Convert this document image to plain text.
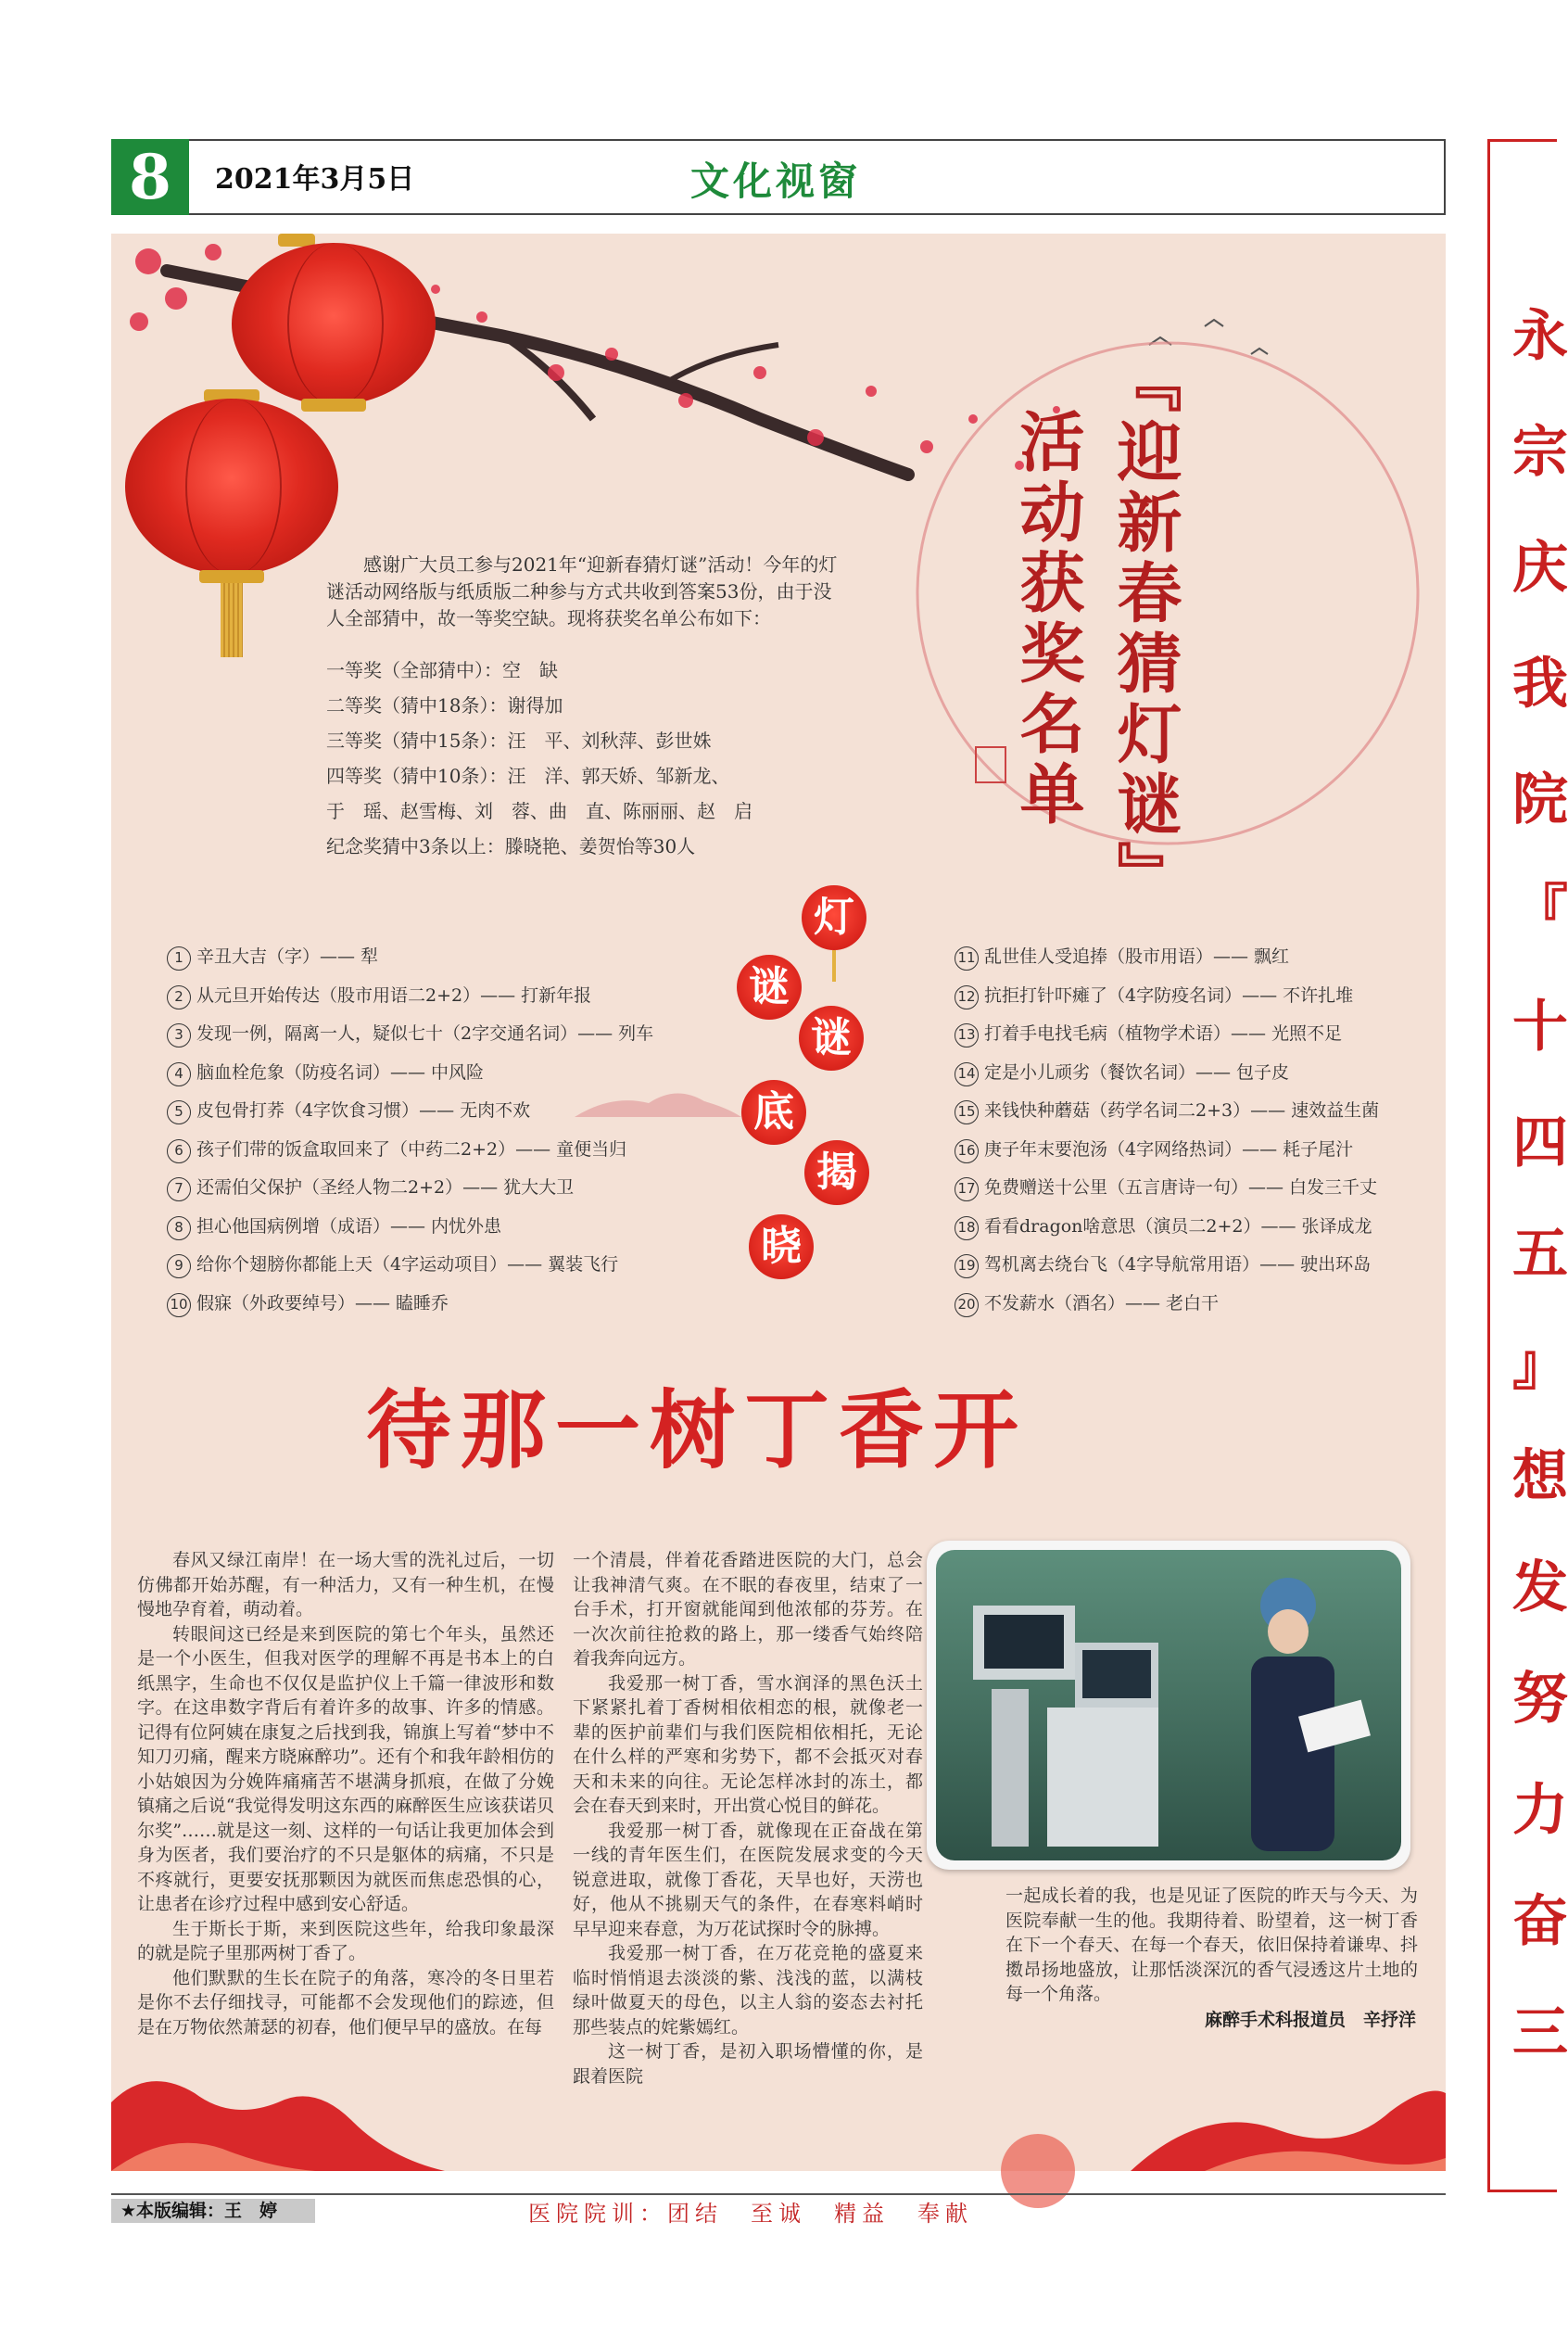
8	2021年3月5日	文化视窗
『迎新春猜灯谜』
活动获奖名单

感谢广大员工参与2021年“迎新春猜灯谜”活动！今年的灯谜活动网络版与纸质版二种参与方式共收到答案53份，由于没人全部猜中，故一等奖空缺。现将获奖名单公布如下：

一等奖（全部猜中）：空　缺
二等奖（猜中18条）：谢得加
三等奖（猜中15条）：汪　平、刘秋萍、彭世姝
四等奖（猜中10条）：汪　洋、郭天娇、邹新龙、
于　瑶、赵雪梅、刘　蓉、曲　直、陈丽丽、赵　启
纪念奖猜中3条以上：滕晓艳、姜贺怡等30人
1 辛丑大吉（字）—— 犁
2 从元旦开始传达（股市用语二2+2）—— 打新年报
3 发现一例，隔离一人，疑似七十（2字交通名词）—— 列车
4 脑血栓危象（防疫名词）—— 中风险
5 皮包骨打荞（4字饮食习惯）—— 无肉不欢
6 孩子们带的饭盒取回来了（中药二2+2）—— 童便当归
7 还需伯父保护（圣经人物二2+2）—— 犹大大卫
8 担心他国病例增（成语）—— 内忧外患
9 给你个翅膀你都能上天（4字运动项目）—— 翼装飞行
10 假寐（外政要绰号）—— 瞌睡乔
11 乱世佳人受追捧（股市用语）—— 飘红
12 抗拒打针吓瘫了（4字防疫名词）—— 不许扎堆
13 打着手电找毛病（植物学术语）—— 光照不足
14 定是小儿顽劣（餐饮名词）—— 包子皮
15 来钱快种蘑菇（药学名词二2+3）—— 速效益生菌
16 庚子年末要泡汤（4字网络热词）—— 耗子尾汁
17 免费赠送十公里（五言唐诗一句）—— 白发三千丈
18 看看dragon啥意思（演员二2+2）—— 张译成龙
19 驾机离去绕台飞（4字导航常用语）—— 驶出环岛
20 不发薪水（酒名）—— 老白干
灯
谜
谜
底
揭
晓
待那一树丁香开

春风又绿江南岸！在一场大雪的洗礼过后，一切仿佛都开始苏醒，有一种活力，又有一种生机，在慢慢地孕育着，萌动着。

转眼间这已经是来到医院的第七个年头，虽然还是一个小医生，但我对医学的理解不再是书本上的白纸黑字，生命也不仅仅是监护仪上千篇一律波形和数字。在这串数字背后有着许多的故事、许多的情感。记得有位阿姨在康复之后找到我，锦旗上写着“梦中不知刀刃痛，醒来方晓麻醉功”。还有个和我年龄相仿的小姑娘因为分娩阵痛痛苦不堪满身抓痕，在做了分娩镇痛之后说“我觉得发明这东西的麻醉医生应该获诺贝尔奖”……就是这一刻、这样的一句话让我更加体会到身为医者，我们要治疗的不只是躯体的病痛，不只是不疼就行，更要安抚那颗因为就医而焦虑恐惧的心，让患者在诊疗过程中感到安心舒适。

生于斯长于斯，来到医院这些年，给我印象最深的就是院子里那两树丁香了。

他们默默的生长在院子的角落，寒冷的冬日里若是你不去仔细找寻，可能都不会发现他们的踪迹，但是在万物依然萧瑟的初春，他们便早早的盛放。在每

一个清晨，伴着花香踏进医院的大门，总会让我神清气爽。在不眠的春夜里，结束了一台手术，打开窗就能闻到他浓郁的芬芳。在一次次前往抢救的路上，那一缕香气始终陪着我奔向远方。

我爱那一树丁香，雪水润泽的黑色沃土下紧紧扎着丁香树相依相恋的根，就像老一辈的医护前辈们与我们医院相依相托，无论在什么样的严寒和劣势下，都不会抵灭对春天和未来的向往。无论怎样冰封的冻土，都会在春天到来时，开出赏心悦目的鲜花。

我爱那一树丁香，就像现在正奋战在第一线的青年医生们，在医院发展求变的今天锐意进取，就像丁香花，天旱也好，天涝也好，他从不挑剔天气的条件，在春寒料峭时早早迎来春意，为万花试探时令的脉搏。

我爱那一树丁香，在万花竞艳的盛夏来临时悄悄退去淡淡的紫、浅浅的蓝，以满枝绿叶做夏天的母色，以主人翁的姿态去衬托那些装点的姹紫嫣红。

这一树丁香，是初入职场懵懂的你，是跟着医院

一起成长着的我，也是见证了医院的昨天与今天、为医院奉献一生的他。我期待着、盼望着，这一树丁香在下一个春天、在每一个春天，依旧保持着谦卑、抖擞昂扬地盛放，让那恬淡深沉的香气浸透这片土地的每一个角落。

麻醉手术科报道员　辛抒洋
★本版编辑：王　婷	医院院训：团结　至诚　精益　奉献
永
宗
庆
我
院
『
十
四
五
』
想
发
努
力
奋
三
